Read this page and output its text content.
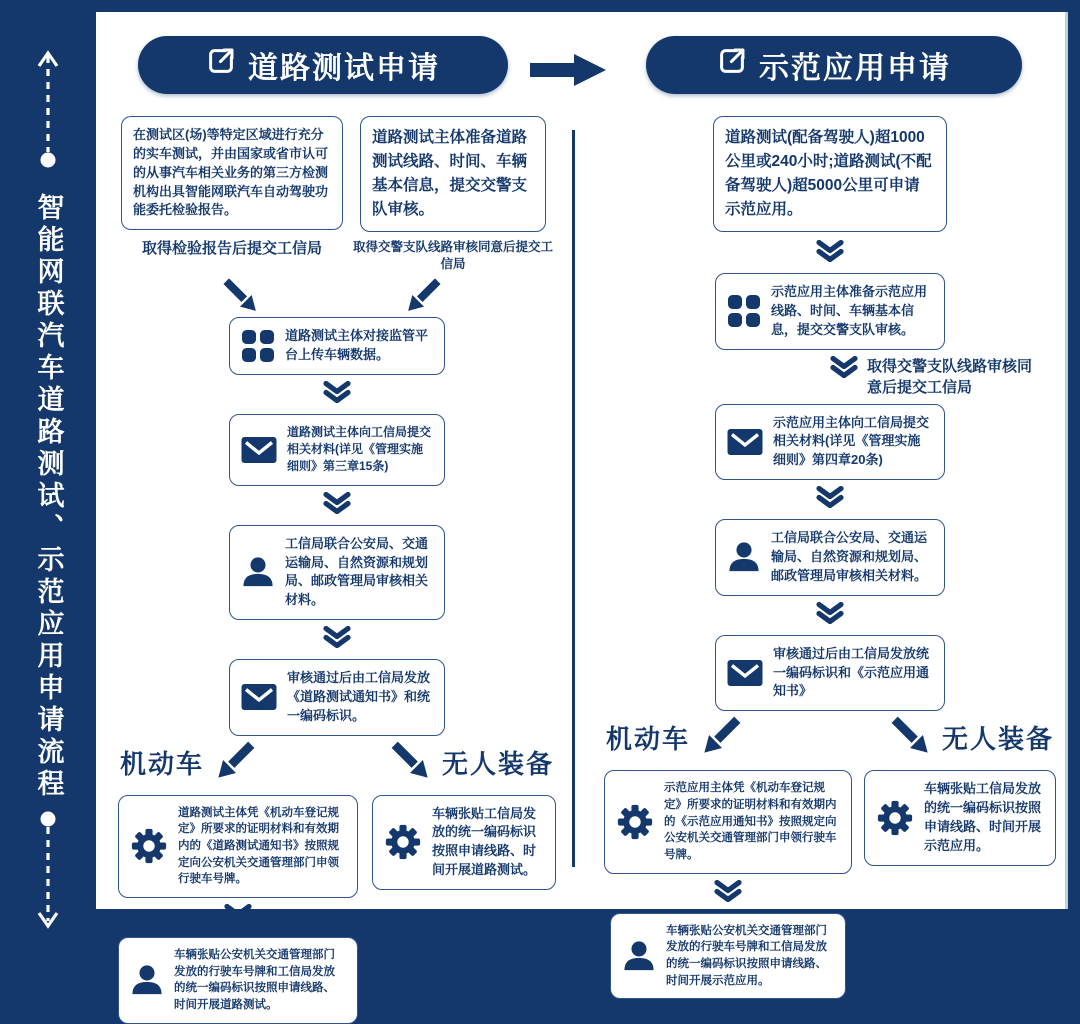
智能网联汽车道路测试、示范应用申请流程
道路测试申请	示范应用申请
在测试区(场)等特定区域进行充分的实车测试，并由国家或省市认可的从事汽车相关业务的第三方检测机构出具智能网联汽车自动驾驶功能委托检验报告。
取得检验报告后提交工信局
道路测试主体准备道路测试线路、时间、车辆基本信息，提交交警支队审核。
取得交警支队线路审核同意后提交工信局
道路测试主体对接监管平台上传车辆数据。
道路测试主体向工信局提交相关材料(详见《管理实施细则》第三章15条)
工信局联合公安局、交通运输局、自然资源和规划局、邮政管理局审核相关材料。
审核通过后由工信局发放《道路测试通知书》和统一编码标识。
机动车	无人装备
道路测试主体凭《机动车登记规定》所要求的证明材料和有效期内的《道路测试通知书》按照规定向公安机关交通管理部门申领行驶车号牌。
车辆张贴公安机关交通管理部门发放的行驶车号牌和工信局发放的统一编码标识按照申请线路、时间开展道路测试。
车辆张贴工信局发放的统一编码标识按照申请线路、时间开展道路测试。
道路测试(配备驾驶人)超1000公里或240小时;道路测试(不配备驾驶人)超5000公里可申请示范应用。
示范应用主体准备示范应用线路、时间、车辆基本信息，提交交警支队审核。
取得交警支队线路审核同意后提交工信局
示范应用主体向工信局提交相关材料(详见《管理实施细则》第四章20条)
工信局联合公安局、交通运输局、自然资源和规划局、邮政管理局审核相关材料。
审核通过后由工信局发放统一编码标识和《示范应用通知书》
机动车	无人装备
示范应用主体凭《机动车登记规定》所要求的证明材料和有效期内的《示范应用通知书》按照规定向公安机关交通管理部门申领行驶车号牌。
车辆张贴公安机关交通管理部门发放的行驶车号牌和工信局发放的统一编码标识按照申请线路、时间开展示范应用。
车辆张贴工信局发放的统一编码标识按照申请线路、时间开展示范应用。
